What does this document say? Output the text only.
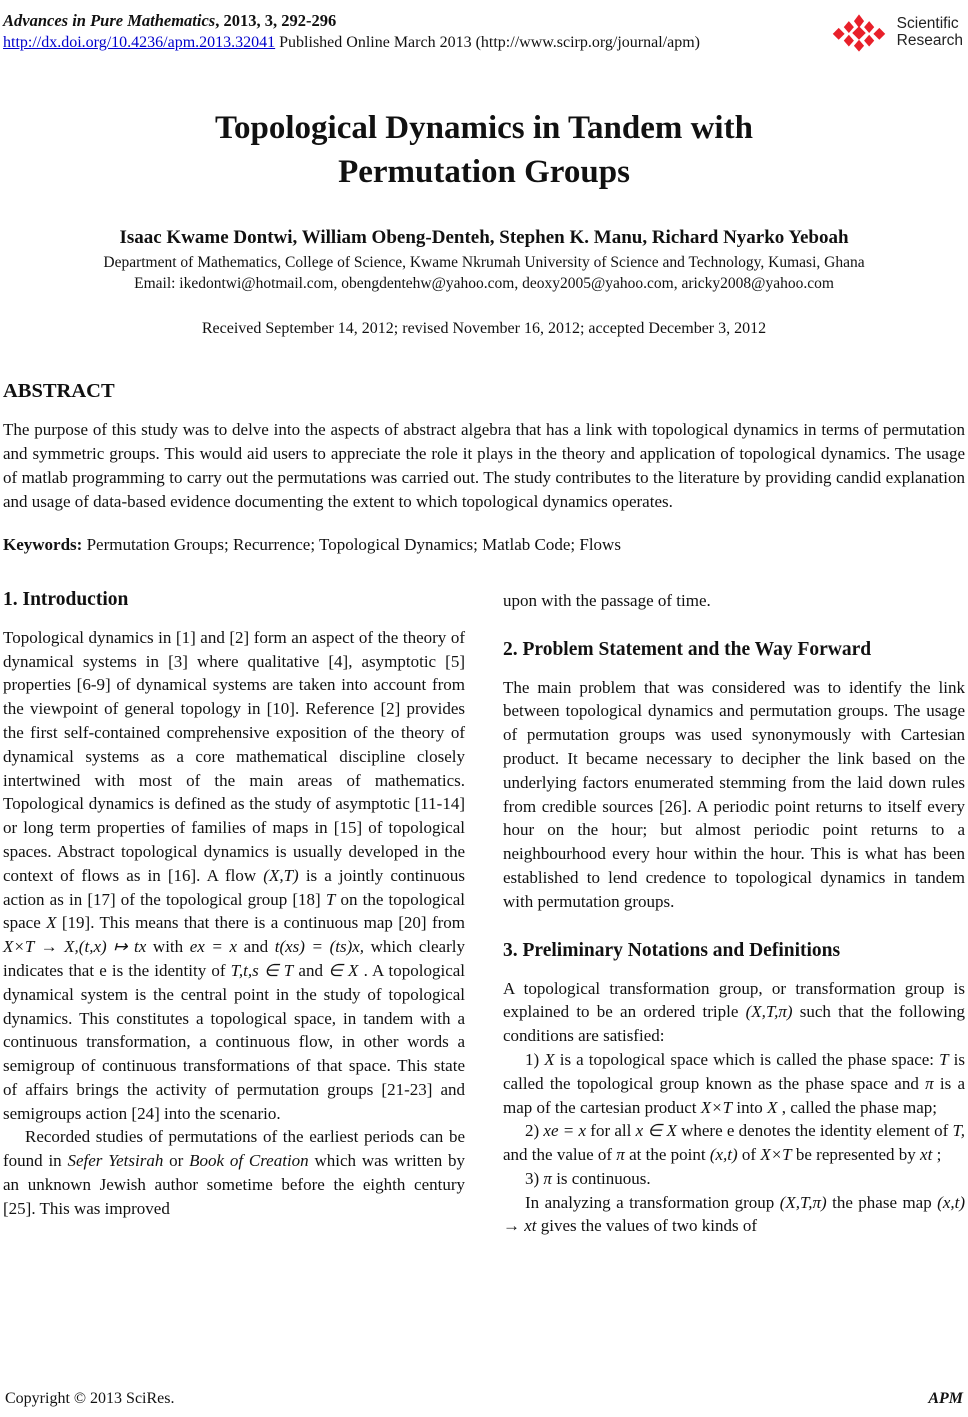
Advances in Pure Mathematics, 2013, 3, 292-296
http://dx.doi.org/10.4236/apm.2013.32041 Published Online March 2013 (http://www.scirp.org/journal/apm)
Scientific
Research
Topological Dynamics in Tandem with Permutation Groups
Isaac Kwame Dontwi, William Obeng-Denteh, Stephen K. Manu, Richard Nyarko Yeboah
Department of Mathematics, College of Science, Kwame Nkrumah University of Science and Technology, Kumasi, Ghana
Email: ikedontwi@hotmail.com, obengdentehw@yahoo.com, deoxy2005@yahoo.com, aricky2008@yahoo.com
Received September 14, 2012; revised November 16, 2012; accepted December 3, 2012
ABSTRACT

The purpose of this study was to delve into the aspects of abstract algebra that has a link with topological dynamics in terms of permutation and symmetric groups. This would aid users to appreciate the role it plays in the theory and application of topological dynamics. The usage of matlab programming to carry out the permutations was carried out. The study contributes to the literature by providing candid explanation and usage of data-based evidence documenting the extent to which topological dynamics operates.

Keywords: Permutation Groups; Recurrence; Topological Dynamics; Matlab Code; Flows

1. Introduction

Topological dynamics in [1] and [2] form an aspect of the theory of dynamical systems in [3] where qualitative [4], asymptotic [5] properties [6-9] of dynamical systems are taken into account from the viewpoint of general topology in [10]. Reference [2] provides the first self-contained comprehensive exposition of the theory of dynamical systems as a core mathematical discipline closely intertwined with most of the main areas of mathematics. Topological dynamics is defined as the study of asymptotic [11-14] or long term properties of families of maps in [15] of topological spaces. Abstract topological dynamics is usually developed in the context of flows as in [16]. A flow (X,T) is a jointly continuous action as in [17] of the topological group [18] T on the topological space X [19]. This means that there is a continuous map [20] from X×T → X,(t,x) ↦ tx with ex = x and t(xs) = (ts)x, which clearly indicates that e is the identity of T,t,s ∈ T and ∈ X . A topological dynamical system is the central point in the study of topological dynamics. This constitutes a topological space, in tandem with a continuous transformation, a continuous flow, in other words a semigroup of continuous transformations of that space. This state of affairs brings the activity of permutation groups [21-23] and semigroups action [24] into the scenario.

Recorded studies of permutations of the earliest periods can be found in Sefer Yetsirah or Book of Creation which was written by an unknown Jewish author sometime before the eighth century [25]. This was improved

upon with the passage of time.

2. Problem Statement and the Way Forward

The main problem that was considered was to identify the link between topological dynamics and permutation groups. The usage of permutation groups was used synonymously with Cartesian product. It became necessary to decipher the link based on the underlying factors enumerated stemming from the laid down rules from credible sources [26]. A periodic point returns to itself every hour on the hour; but almost periodic point returns to a neighbourhood every hour within the hour. This is what has been established to lend credence to topological dynamics in tandem with permutation groups.

3. Preliminary Notations and Definitions

A topological transformation group, or transformation group is explained to be an ordered triple (X,T,π) such that the following conditions are satisfied:

1) X is a topological space which is called the phase space: T is called the topological group known as the phase space and π is a map of the cartesian product X×T into X , called the phase map;

2) xe = x for all x ∈ X where e denotes the identity element of T, and the value of π at the point (x,t) of X×T be represented by xt ;

3) π is continuous.

In analyzing a transformation group (X,T,π) the phase map (x,t) → xt gives the values of two kinds of

Copyright © 2013 SciRes.	APM
